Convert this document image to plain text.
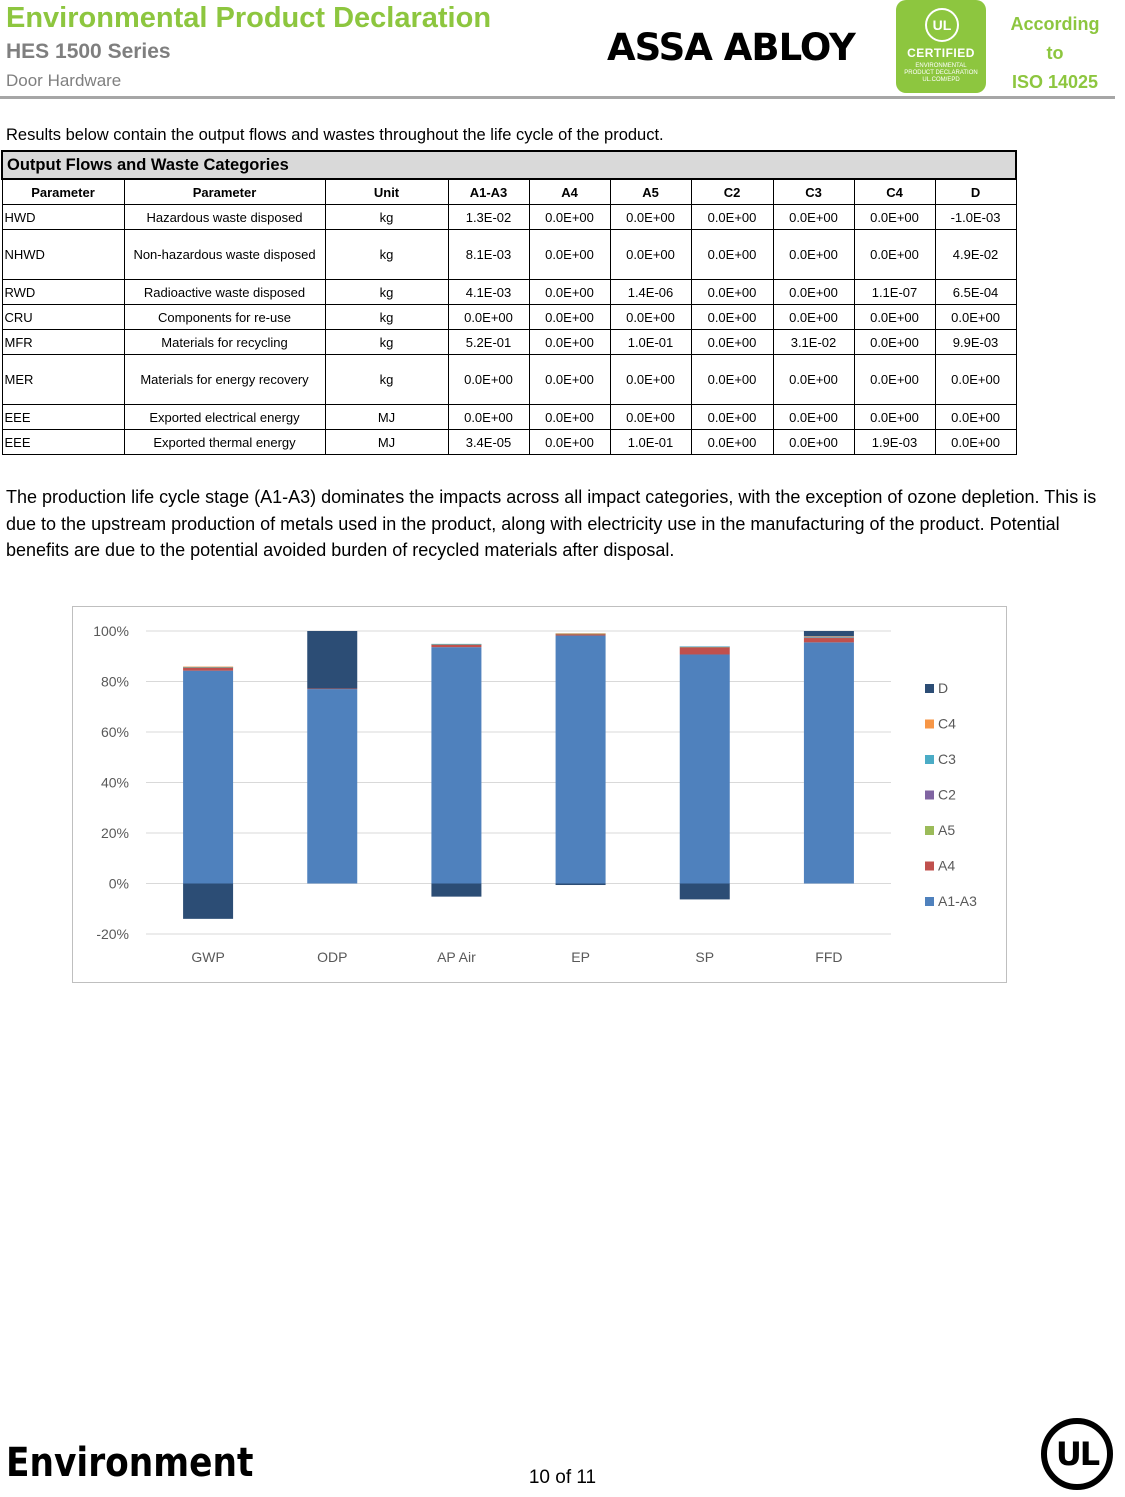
Environmental Product Declaration
HES 1500 Series
Door Hardware
ASSA ABLOY
UL
CERTIFIED
ENVIRONMENTAL
PRODUCT DECLARATION
UL.COM/EPD
According
to
ISO 14025
Results below contain the output flows and wastes throughout the life cycle of the product.
Output Flows and Waste Categories									
Parameter	Parameter	Unit	A1-A3	A4	A5	C2	C3	C4	D
HWD	Hazardous waste disposed	kg	1.3E-02	0.0E+00	0.0E+00	0.0E+00	0.0E+00	0.0E+00	-1.0E-03
NHWD	Non-hazardous waste disposed	kg	8.1E-03	0.0E+00	0.0E+00	0.0E+00	0.0E+00	0.0E+00	4.9E-02
RWD	Radioactive waste disposed	kg	4.1E-03	0.0E+00	1.4E-06	0.0E+00	0.0E+00	1.1E-07	6.5E-04
CRU	Components for re-use	kg	0.0E+00	0.0E+00	0.0E+00	0.0E+00	0.0E+00	0.0E+00	0.0E+00
MFR	Materials for recycling	kg	5.2E-01	0.0E+00	1.0E-01	0.0E+00	3.1E-02	0.0E+00	9.9E-03
MER	Materials for energy recovery	kg	0.0E+00	0.0E+00	0.0E+00	0.0E+00	0.0E+00	0.0E+00	0.0E+00
EEE	Exported electrical energy	MJ	0.0E+00	0.0E+00	0.0E+00	0.0E+00	0.0E+00	0.0E+00	0.0E+00
EEE	Exported thermal energy	MJ	3.4E-05	0.0E+00	1.0E-01	0.0E+00	0.0E+00	1.9E-03	0.0E+00
The production life cycle stage (A1-A3) dominates the impacts across all impact categories, with the exception of ozone depletion. This is due to the upstream production of metals used in the product, along with electricity use in the manufacturing of the product. Potential benefits are due to the potential avoided burden of recycled materials after disposal.
100%
80%
60%
40%
20%
0%
-20%
GWP	ODP	AP Air	EP	SP	FFD
D
C4
C3
C2
A5
A4
A1-A3
Environment	10 of 11
UL
